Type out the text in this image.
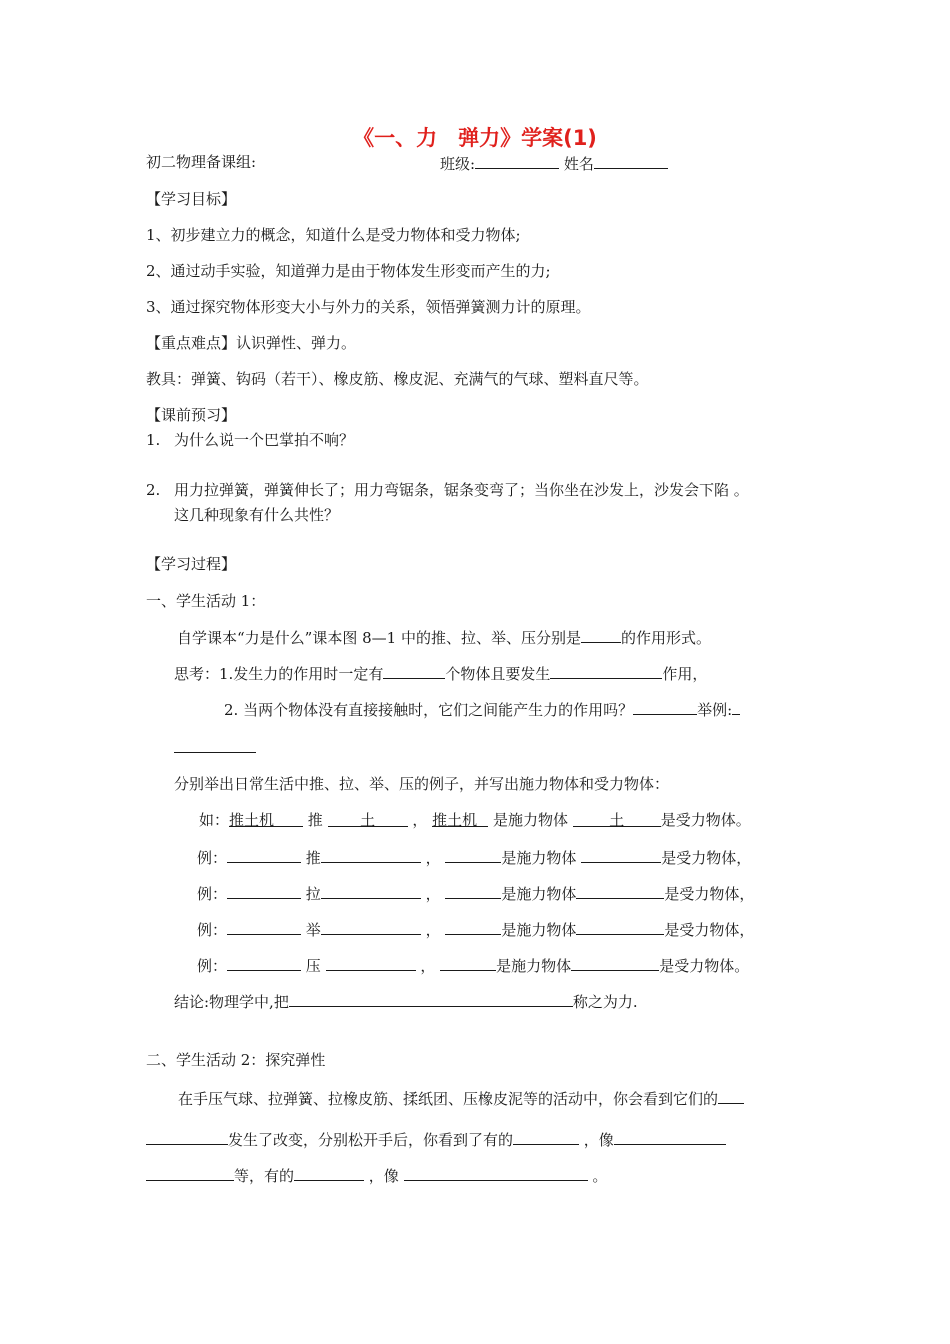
《一、力　弹力》学案(1)
初二物理备课组:	班级:	姓名
【学习目标】
1、初步建立力的概念，知道什么是受力物体和受力物体;
2、通过动手实验，知道弹力是由于物体发生形变而产生的力;
3、通过探究物体形变大小与外力的关系，领悟弹簧测力计的原理。
【重点难点】认识弹性、弹力。
教具：弹簧、钩码（若干）、橡皮筋、橡皮泥、充满气的气球、塑料直尺等。
【课前预习】
1. 为什么说一个巴掌拍不响？
2. 用力拉弹簧，弹簧伸长了；用力弯锯条，锯条变弯了；当你坐在沙发上，沙发会下陷 。
这几种现象有什么共性？
【学习过程】
一、学生活动 1：
自学课本“力是什么”课本图 8—1 中的推、拉、举、压分别是	的作用形式。
思考：1.发生力的作用时一定有	个物体且要发生	作用，
2. 当两个物体没有直接接触时，它们之间能产生力的作用吗？	举例:
分别举出日常生活中推、拉、举、压的例子，并写出施力物体和受力物体：
如：推土机 推 土 ， 推土机 是施力物体	土 是受力物体。
例：	推	，	是施力物体	是受力物体，
例：	拉	，	是施力物体	是受力物体，
例：	举	，	是施力物体	是受力物体，
例：	压	，	是施力物体	是受力物体。
结论:物理学中,把	称之为力.
二、学生活动 2：探究弹性
在手压气球、拉弹簧、拉橡皮筋、揉纸团、压橡皮泥等的活动中，你会看到它们的
发生了改变，分别松开手后，你看到了有的	，像
等，有的	，像	。
